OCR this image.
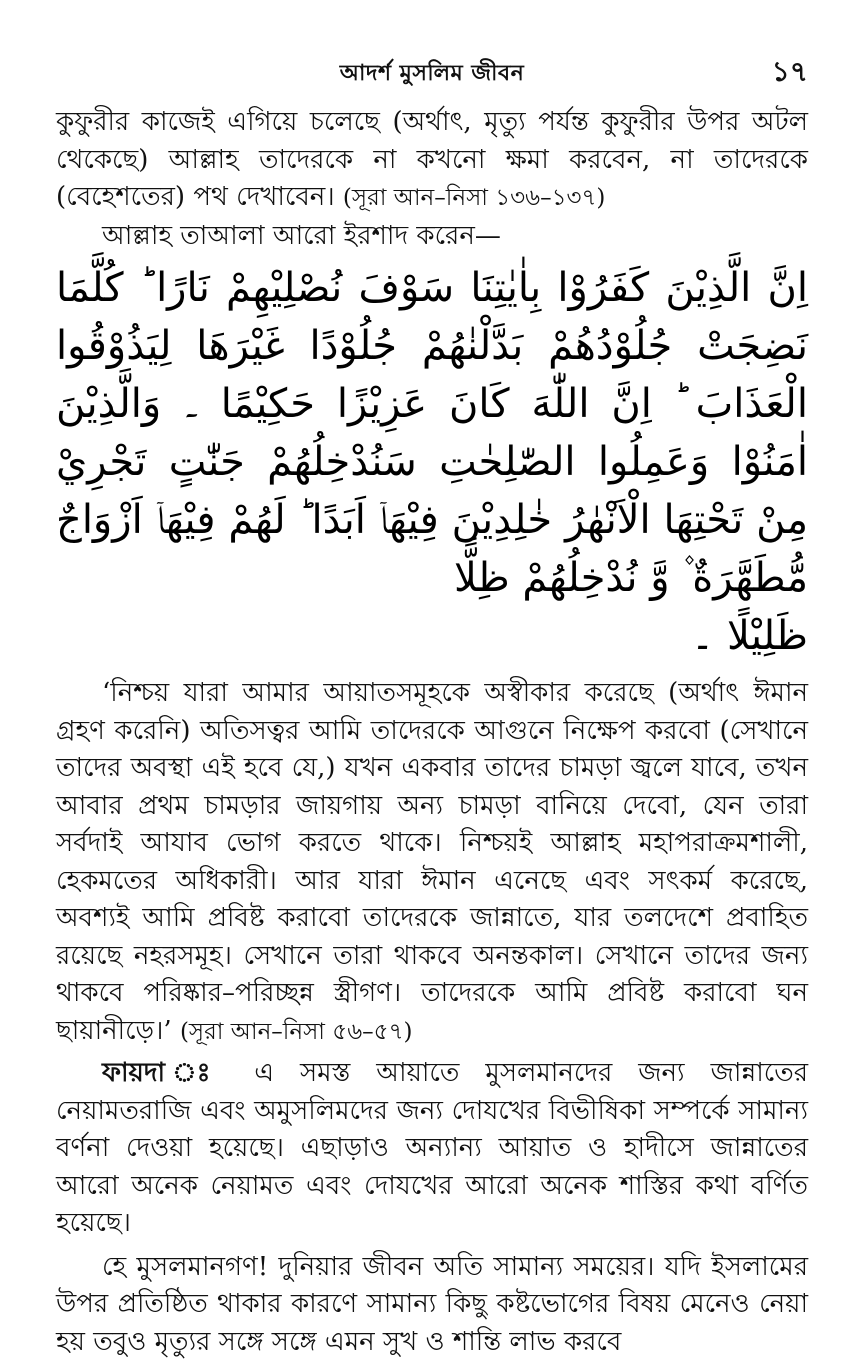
আদর্শ মুসলিম জীবন	১৭

কুফুরীর কাজেই এগিয়ে চলেছে (অর্থাৎ, মৃত্যু পর্যন্ত কুফুরীর উপর অটল থেকেছে) আল্লাহ তাদেরকে না কখনো ক্ষমা করবেন, না তাদেরকে (বেহেশতের) পথ দেখাবেন। (সূরা আন–নিসা ১৩৬–১৩৭)

আল্লাহ তাআলা আরো ইরশাদ করেন—

اِنَّ الَّذِيْنَ كَفَرُوْا بِاٰيٰتِنَا سَوْفَ نُصْلِيْهِمْ نَارًا ؕ كُلَّمَا نَضِجَتْ جُلُوْدُهُمْ بَدَّلْنٰهُمْ جُلُوْدًا غَيْرَهَا لِيَذُوْقُوا الْعَذَابَ ؕ اِنَّ اللّٰهَ كَانَ عَزِيْزًا حَكِيْمًا ۔ وَالَّذِيْنَ اٰمَنُوْا وَعَمِلُوا الصّٰلِحٰتِ سَنُدْخِلُهُمْ جَنّٰتٍ تَجْرِيْ مِنْ تَحْتِهَا الْاَنْهٰرُ خٰلِدِيْنَ فِيْهَاۤ اَبَدًا ؕ لَهُمْ فِيْهَاۤ اَزْوَاجٌ مُّطَهَّرَةٌ ۫ وَّ نُدْخِلُهُمْ ظِلًّا
ظَلِيْلًا ۔

‘নিশ্চয় যারা আমার আয়াতসমূহকে অস্বীকার করেছে (অর্থাৎ ঈমান গ্রহণ করেনি) অতিসত্বর আমি তাদেরকে আগুনে নিক্ষেপ করবো (সেখানে তাদের অবস্থা এই হবে যে,) যখন একবার তাদের চামড়া জ্বলে যাবে, তখন আবার প্রথম চামড়ার জায়গায় অন্য চামড়া বানিয়ে দেবো, যেন তারা সর্বদাই আযাব ভোগ করতে থাকে। নিশ্চয়ই আল্লাহ মহাপরাক্রমশালী, হেকমতের অধিকারী। আর যারা ঈমান এনেছে এবং সৎকর্ম করেছে, অবশ্যই আমি প্রবিষ্ট করাবো তাদেরকে জান্নাতে, যার তলদেশে প্রবাহিত রয়েছে নহরসমূহ। সেখানে তারা থাকবে অনন্তকাল। সেখানে তাদের জন্য থাকবে পরিষ্কার–পরিচ্ছন্ন স্ত্রীগণ। তাদেরকে আমি প্রবিষ্ট করাবো ঘন ছায়ানীড়ে।’ (সূরা আন–নিসা ৫৬–৫৭)

ফায়দা ঃ এ সমস্ত আয়াতে মুসলমানদের জন্য জান্নাতের নেয়ামতরাজি এবং অমুসলিমদের জন্য দোযখের বিভীষিকা সম্পর্কে সামান্য বর্ণনা দেওয়া হয়েছে। এছাড়াও অন্যান্য আয়াত ও হাদীসে জান্নাতের আরো অনেক নেয়ামত এবং দোযখের আরো অনেক শাস্তির কথা বর্ণিত হয়েছে।

হে মুসলমানগণ! দুনিয়ার জীবন অতি সামান্য সময়ের। যদি ইসলামের উপর প্রতিষ্ঠিত থাকার কারণে সামান্য কিছু কষ্টভোগের বিষয় মেনেও নেয়া হয় তবুও মৃত্যুর সঙ্গে সঙ্গে এমন সুখ ও শান্তি লাভ করবে
